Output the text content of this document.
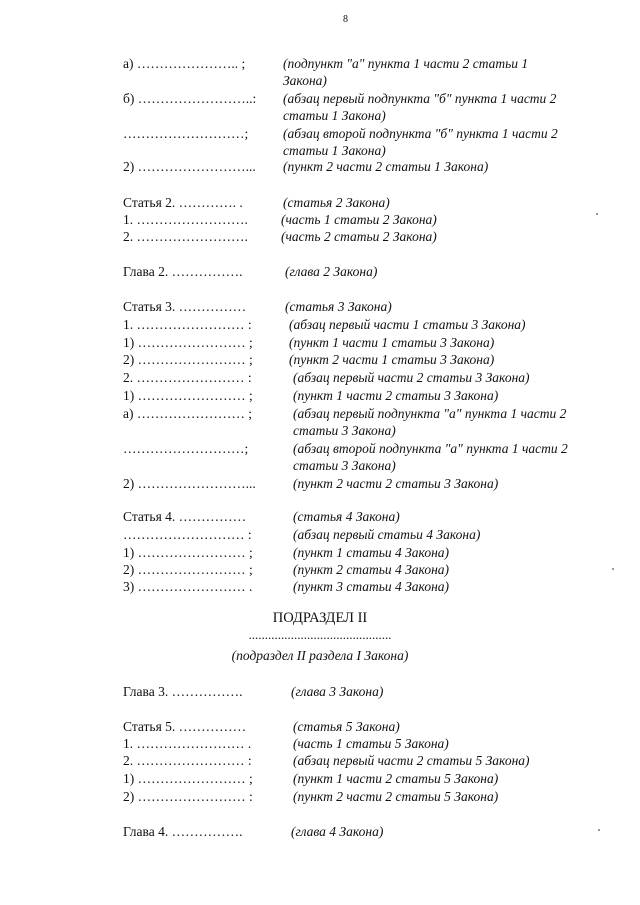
8
а) ………………….. ;	(подпункт "а" пункта 1 части 2 статьи 1
Закона)
б) ……………………..: (абзац первый подпункта "б" пункта 1 части 2
статьи 1 Закона)
………………………;	(абзац второй подпункта "б" пункта 1 части 2
статьи 1 Закона)
2) ……………………... (пункт 2 части 2 статьи 1 Закона)
Статья 2. …………. .	(статья 2 Закона)
1. ……………………. (часть 1 статьи 2 Закона)
2. ……………………. (часть 2 статьи 2 Закона)
Глава 2. …………….	(глава 2 Закона)
Статья 3. ……………	(статья 3 Закона)
1. …………………… :	(абзац первый части 1 статьи 3 Закона)
1) …………………… ;	(пункт 1 части 1 статьи 3 Закона)
2) …………………… ;	(пункт 2 части 1 статьи 3 Закона)
2. …………………… :	(абзац первый части 2 статьи 3 Закона)
1) …………………… ;	(пункт 1 части 2 статьи 3 Закона)
а) …………………… ;	(абзац первый подпункта "а" пункта 1 части 2
статьи 3 Закона)
………………………;	(абзац второй подпункта "а" пункта 1 части 2
статьи 3 Закона)
2) ……………………...	(пункт 2 части 2 статьи 3 Закона)
Статья 4. ……………	(статья 4 Закона)
……………………… :	(абзац первый статьи 4 Закона)
1) …………………… ;	(пункт 1 статьи 4 Закона)
2) …………………… ;	(пункт 2 статьи 4 Закона)
3) …………………… .	(пункт 3 статьи 4 Закона)
Глава 3. …………….	(глава 3 Закона)
Статья 5. ……………	(статья 5 Закона)
1. …………………… .	(часть 1 статьи 5 Закона)
2. …………………… :	(абзац первый части 2 статьи 5 Закона)
1) …………………… ;	(пункт 1 части 2 статьи 5 Закона)
2) …………………… :	(пункт 2 части 2 статьи 5 Закона)
Глава 4. …………….	(глава 4 Закона)
ПОДРАЗДЕЛ II
............................................
(подраздел II раздела I Закона)
